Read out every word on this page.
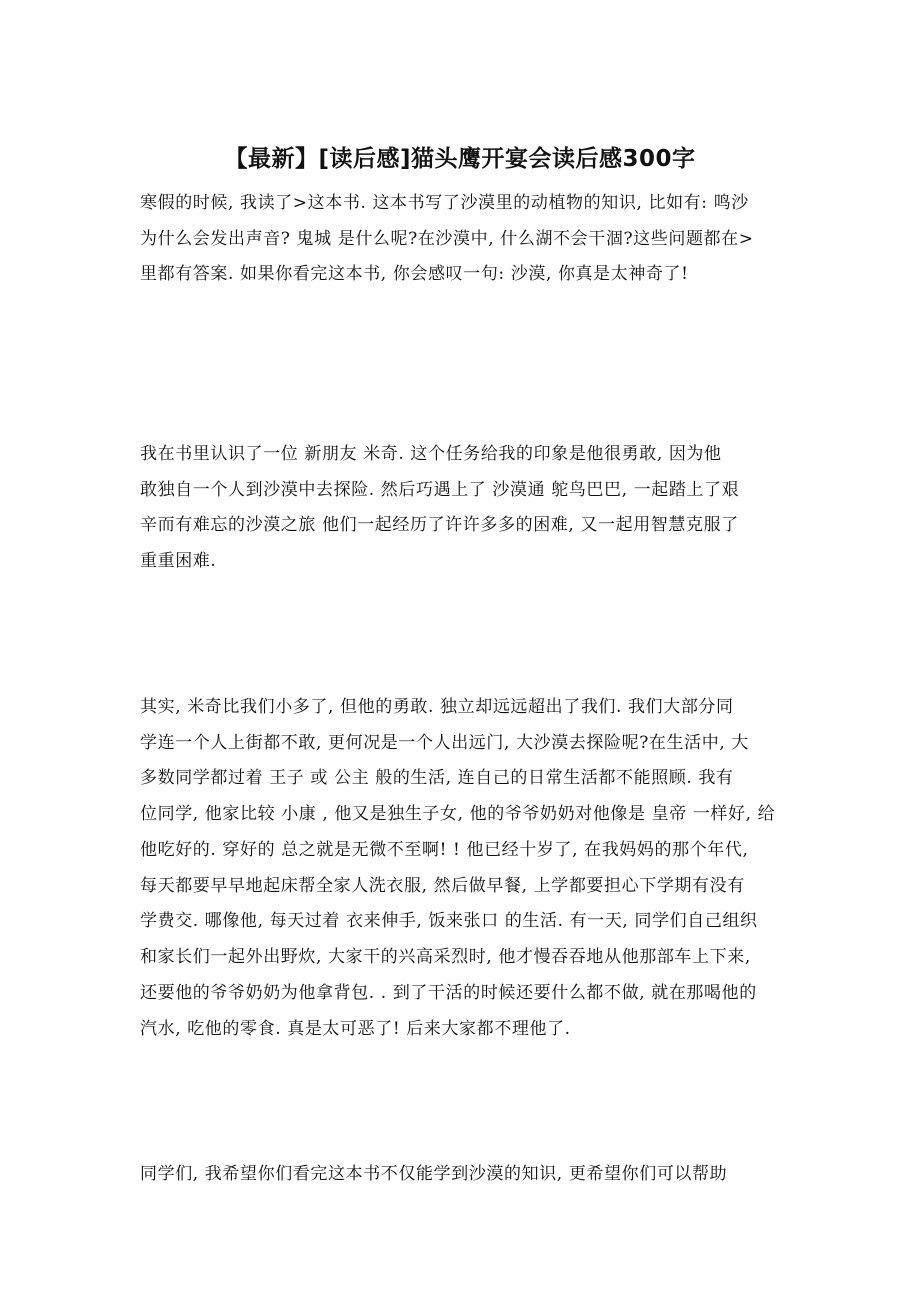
【最新】[读后感]猫头鹰开宴会读后感300字
寒假的时候, 我读了>这本书. 这本书写了沙漠里的动植物的知识, 比如有: 鸣沙
为什么会发出声音? 鬼城 是什么呢?在沙漠中, 什么湖不会干涸?这些问题都在>
里都有答案. 如果你看完这本书, 你会感叹一句: 沙漠, 你真是太神奇了!
我在书里认识了一位 新朋友 米奇. 这个任务给我的印象是他很勇敢, 因为他
敢独自一个人到沙漠中去探险. 然后巧遇上了 沙漠通 鸵鸟巴巴, 一起踏上了艰
辛而有难忘的沙漠之旅 他们一起经历了许许多多的困难, 又一起用智慧克服了
重重困难.
其实, 米奇比我们小多了, 但他的勇敢. 独立却远远超出了我们. 我们大部分同
学连一个人上街都不敢, 更何况是一个人出远门, 大沙漠去探险呢?在生活中, 大
多数同学都过着 王子 或 公主 般的生活, 连自己的日常生活都不能照顾. 我有
位同学, 他家比较 小康 , 他又是独生子女, 他的爷爷奶奶对他像是 皇帝 一样好, 给
他吃好的. 穿好的 总之就是无微不至啊! ! 他已经十岁了, 在我妈妈的那个年代,
每天都要早早地起床帮全家人洗衣服, 然后做早餐, 上学都要担心下学期有没有
学费交. 哪像他, 每天过着 衣来伸手, 饭来张口 的生活. 有一天, 同学们自己组织
和家长们一起外出野炊, 大家干的兴高采烈时, 他才慢吞吞地从他那部车上下来,
还要他的爷爷奶奶为他拿背包. . 到了干活的时候还要什么都不做, 就在那喝他的
汽水, 吃他的零食. 真是太可恶了! 后来大家都不理他了.
同学们, 我希望你们看完这本书不仅能学到沙漠的知识, 更希望你们可以帮助
